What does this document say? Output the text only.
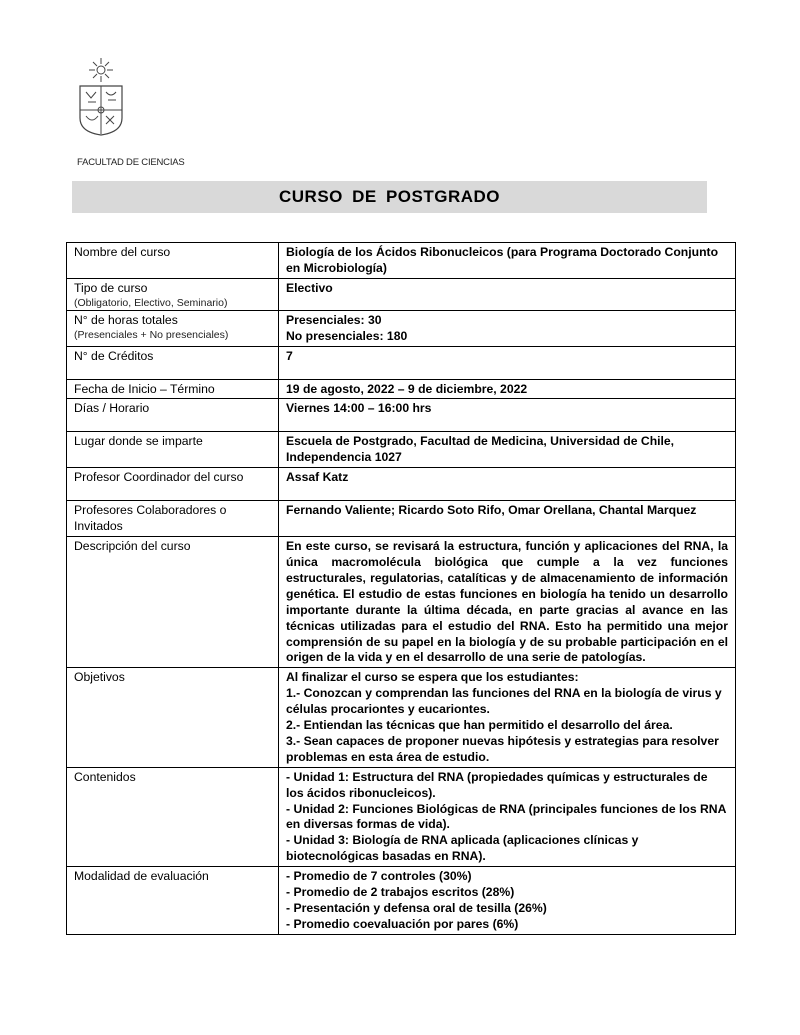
FACULTAD DE CIENCIAS
CURSO DE POSTGRADO
Nombre del curso	Biología de los Ácidos Ribonucleicos (para Programa Doctorado Conjunto en Microbiología)

Tipo de curso
(Obligatorio, Electivo, Seminario)	Electivo

N° de horas totales
(Presenciales + No presenciales)	Presenciales: 30
No presenciales: 180

N° de Créditos	7
Fecha de Inicio – Término	19 de agosto, 2022 – 9 de diciembre, 2022
Días / Horario	Viernes 14:00 – 16:00 hrs
Lugar donde se imparte	Escuela de Postgrado, Facultad de Medicina, Universidad de Chile, Independencia 1027
Profesor Coordinador del curso	Assaf Katz
Profesores Colaboradores o Invitados	Fernando Valiente; Ricardo Soto Rifo, Omar Orellana, Chantal Marquez
Descripción del curso	En este curso, se revisará la estructura, función y aplicaciones del RNA, la única macromolécula biológica que cumple a la vez funciones estructurales, regulatorias, catalíticas y de almacenamiento de información genética. El estudio de estas funciones en biología ha tenido un desarrollo importante durante la última década, en parte gracias al avance en las técnicas utilizadas para el estudio del RNA. Esto ha permitido una mejor comprensión de su papel en la biología y de su probable participación en el origen de la vida y en el desarrollo de una serie de patologías.
Objetivos	Al finalizar el curso se espera que los estudiantes:
1.- Conozcan y comprendan las funciones del RNA en la biología de virus y células procariontes y eucariontes.
2.- Entiendan las técnicas que han permitido el desarrollo del área.
3.- Sean capaces de proponer nuevas hipótesis y estrategias para resolver problemas en esta área de estudio.

Contenidos	- Unidad 1: Estructura del RNA (propiedades químicas y estructurales de los ácidos ribonucleicos).
- Unidad 2: Funciones Biológicas de RNA (principales funciones de los RNA en diversas formas de vida).
- Unidad 3: Biología de RNA aplicada (aplicaciones clínicas y biotecnológicas basadas en RNA).

Modalidad de evaluación	- Promedio de 7 controles (30%)
- Promedio de 2 trabajos escritos (28%)
- Presentación y defensa oral de tesilla (26%)
- Promedio coevaluación por pares (6%)
